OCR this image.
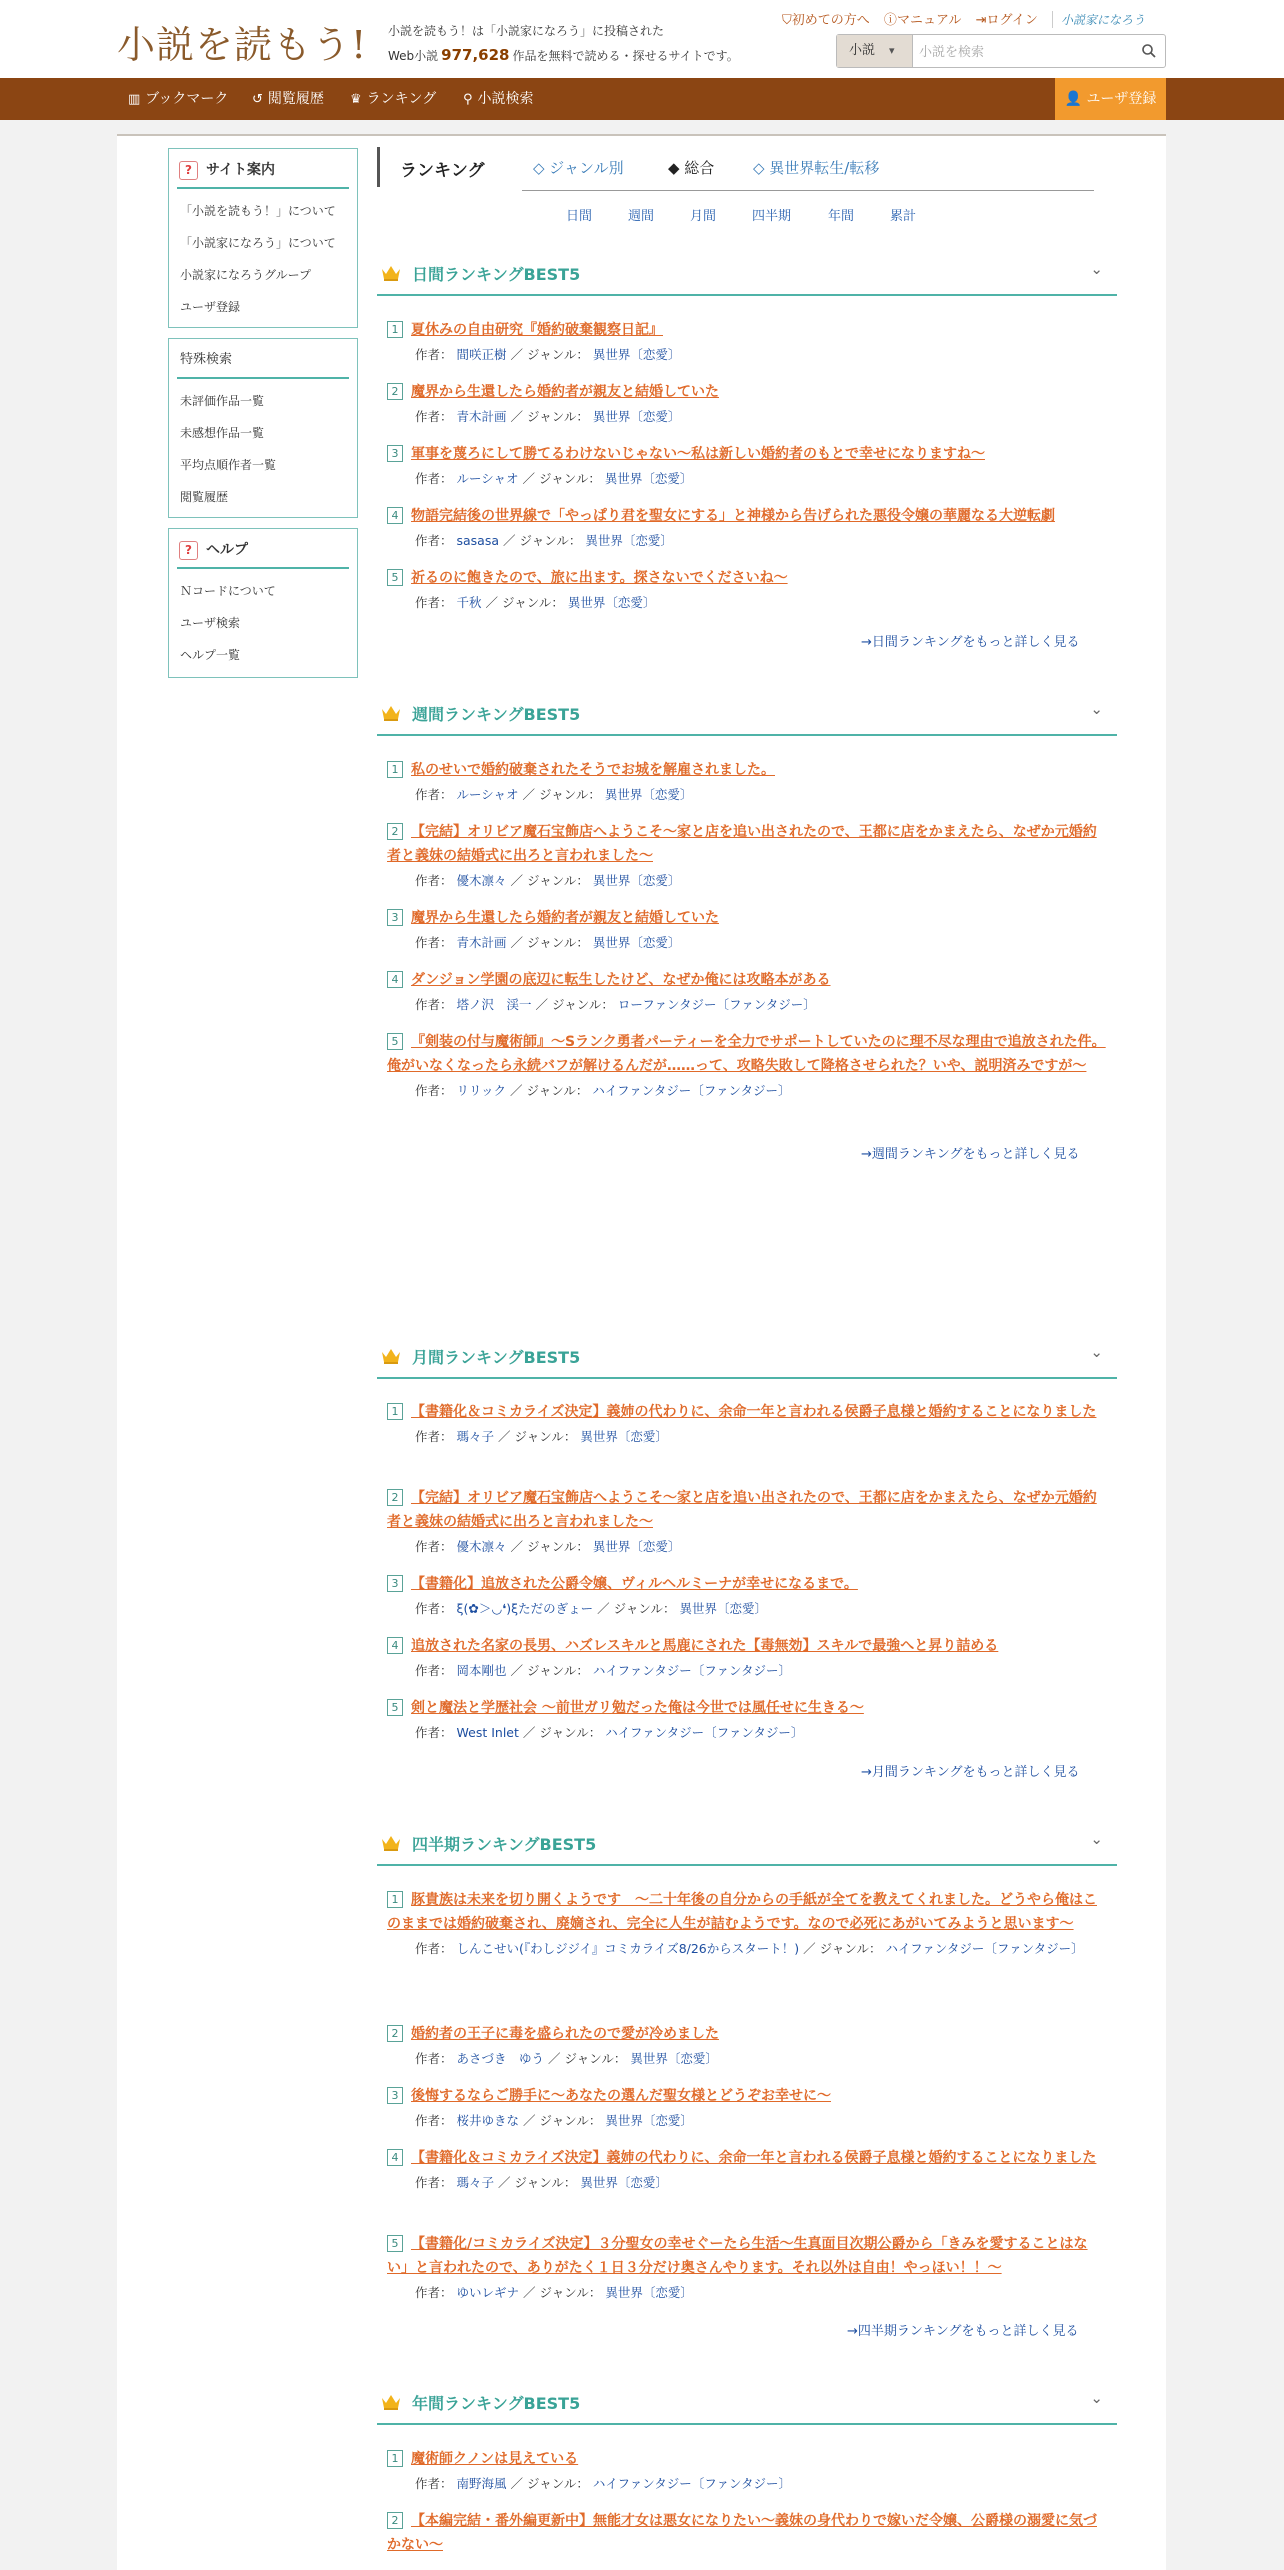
小説を読もう! 小説を読もう！は「小説家になろう」に投稿された
Web小説 977,628 作品を無料で読める・探せるサイトです。
⛉初めての方へ ⓘマニュアル ⇥ログイン 小説家になろう
小説 ▾
小説を検索
▥ ブックマーク ↺ 閲覧履歴 ♛ ランキング ⚲ 小説検索	👤 ユーザ登録
? サイト案内
「小説を読もう！」について
「小説家になろう」について
小説家になろうグループ
ユーザ登録
特殊検索
未評価作品一覧
未感想作品一覧
平均点順作者一覧
閲覧履歴
? ヘルプ
Ｎコードについて
ユーザ検索
ヘルプ一覧
ランキング	◇ ジャンル別	◆ 総合	◇ 異世界転生/転移
日間	週間	月間	四半期	年間	累計
日間ランキングBEST5	⌄
1 夏休みの自由研究『婚約破棄観察日記』
作者： 間咲正樹 ／ ジャンル： 異世界〔恋愛〕
2 魔界から生還したら婚約者が親友と結婚していた
作者： 青木計画 ／ ジャンル： 異世界〔恋愛〕
3 軍事を蔑ろにして勝てるわけないじゃない〜私は新しい婚約者のもとで幸せになりますね〜
作者： ルーシャオ ／ ジャンル： 異世界〔恋愛〕
4 物語完結後の世界線で「やっぱり君を聖女にする」と神様から告げられた悪役令嬢の華麗なる大逆転劇
作者： sasasa ／ ジャンル： 異世界〔恋愛〕
5 祈るのに飽きたので、旅に出ます。探さないでくださいね〜
作者： 千秋 ／ ジャンル： 異世界〔恋愛〕
→日間ランキングをもっと詳しく見る
週間ランキングBEST5	⌄
1 私のせいで婚約破棄されたそうでお城を解雇されました。
作者： ルーシャオ ／ ジャンル： 異世界〔恋愛〕
2 【完結】オリビア魔石宝飾店へようこそ〜家と店を追い出されたので、王都に店をかまえたら、なぜか元婚約者と義妹の結婚式に出ろと言われました〜
作者： 優木凛々 ／ ジャンル： 異世界〔恋愛〕
3 魔界から生還したら婚約者が親友と結婚していた
作者： 青木計画 ／ ジャンル： 異世界〔恋愛〕
4 ダンジョン学園の底辺に転生したけど、なぜか俺には攻略本がある
作者： 塔ノ沢　渓一 ／ ジャンル： ローファンタジー〔ファンタジー〕
5 『剣装の付与魔術師』〜Sランク勇者パーティーを全力でサポートしていたのに理不尽な理由で追放された件。俺がいなくなったら永続バフが解けるんだが……って、攻略失敗して降格させられた？いや、説明済みですが〜
作者： リリック ／ ジャンル： ハイファンタジー〔ファンタジー〕
→週間ランキングをもっと詳しく見る
月間ランキングBEST5	⌄
1 【書籍化＆コミカライズ決定】義姉の代わりに、余命一年と言われる侯爵子息様と婚約することになりました
作者： 瑪々子 ／ ジャンル： 異世界〔恋愛〕
2 【完結】オリビア魔石宝飾店へようこそ〜家と店を追い出されたので、王都に店をかまえたら、なぜか元婚約者と義妹の結婚式に出ろと言われました〜
作者： 優木凛々 ／ ジャンル： 異世界〔恋愛〕
3 【書籍化】追放された公爵令嬢、ヴィルヘルミーナが幸せになるまで。
作者： ξ(✿＞◡❛)ξただのぎょー ／ ジャンル： 異世界〔恋愛〕
4 追放された名家の長男、ハズレスキルと馬鹿にされた【毒無効】スキルで最強へと昇り詰める
作者： 岡本剛也 ／ ジャンル： ハイファンタジー〔ファンタジー〕
5 剣と魔法と学歴社会 〜前世ガリ勉だった俺は今世では風任せに生きる〜
作者： West Inlet ／ ジャンル： ハイファンタジー〔ファンタジー〕
→月間ランキングをもっと詳しく見る
四半期ランキングBEST5	⌄
1 豚貴族は未来を切り開くようです　〜二十年後の自分からの手紙が全てを教えてくれました。どうやら俺はこのままでは婚約破棄され、廃嫡され、完全に人生が詰むようです。なので必死にあがいてみようと思います〜
作者： しんこせい(『わしジジイ』コミカライズ8/26からスタート！) ／ ジャンル： ハイファンタジー〔ファンタジー〕
2 婚約者の王子に毒を盛られたので愛が冷めました
作者： あさづき　ゆう ／ ジャンル： 異世界〔恋愛〕
3 後悔するならご勝手に〜あなたの選んだ聖女様とどうぞお幸せに〜
作者： 桜井ゆきな ／ ジャンル： 異世界〔恋愛〕
4 【書籍化＆コミカライズ決定】義姉の代わりに、余命一年と言われる侯爵子息様と婚約することになりました
作者： 瑪々子 ／ ジャンル： 異世界〔恋愛〕
5 【書籍化/コミカライズ決定】３分聖女の幸せぐーたら生活〜生真面目次期公爵から「きみを愛することはない」と言われたので、ありがたく１日３分だけ奥さんやります。それ以外は自由！やっほい！！〜
作者： ゆいレギナ ／ ジャンル： 異世界〔恋愛〕
→四半期ランキングをもっと詳しく見る
年間ランキングBEST5	⌄
1 魔術師クノンは見えている
作者： 南野海風 ／ ジャンル： ハイファンタジー〔ファンタジー〕
2 【本編完結・番外編更新中】無能才女は悪女になりたい〜義妹の身代わりで嫁いだ令嬢、公爵様の溺愛に気づかない〜
